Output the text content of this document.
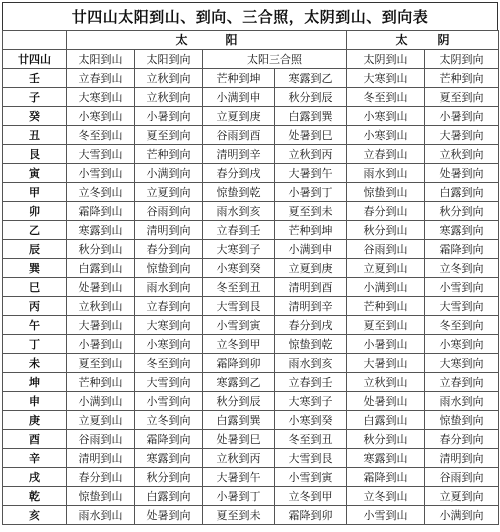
廿四山太阳到山、到向、三合照，太阴到山、到向表
	太 阳				太 阴	
廿四山	太阳到山	太阳到向	太阳三合照		太阴到山	太阴到向
壬	立春到山	立秋到向	芒种到坤	寒露到乙	大寒到山	芒种到向
子	大寒到山	立秋到向	小满到申	秋分到辰	冬至到山	夏至到向
癸	小寒到山	小暑到向	立夏到庚	白露到巽	小寒到山	小暑到向
丑	冬至到山	夏至到向	谷雨到酉	处暑到巳	小寒到山	大暑到向
艮	大雪到山	芒种到向	清明到辛	立秋到丙	立春到山	立秋到向
寅	小雪到山	小满到向	春分到戌	大暑到午	雨水到山	处暑到向
甲	立冬到山	立夏到向	惊蛰到乾	小暑到丁	惊蛰到山	白露到向
卯	霜降到山	谷雨到向	雨水到亥	夏至到未	春分到山	秋分到向
乙	寒露到山	清明到向	立春到壬	芒种到坤	秋分到山	寒露到向
辰	秋分到山	春分到向	大寒到子	小满到申	谷雨到山	霜降到向
巽	白露到山	惊蛰到向	小寒到癸	立夏到庚	立夏到山	立冬到向
巳	处暑到山	雨水到向	冬至到丑	清明到酉	小满到山	小雪到向
丙	立秋到山	立春到向	大雪到艮	清明到辛	芒种到山	大雪到向
午	大暑到山	大寒到向	小雪到寅	春分到戌	夏至到山	冬至到向
丁	小暑到山	小寒到向	立冬到甲	惊蛰到乾	小暑到山	小寒到向
未	夏至到山	冬至到向	霜降到卯	雨水到亥	大暑到山	大寒到向
坤	芒种到山	大雪到向	寒露到乙	立春到壬	立秋到山	立春到向
申	小满到山	小雪到向	秋分到辰	大寒到子	处暑到山	雨水到向
庚	立夏到山	立冬到向	白露到巽	小寒到癸	白露到山	惊蛰到向
酉	谷雨到山	霜降到向	处暑到巳	冬至到丑	秋分到山	春分到向
辛	清明到山	寒露到向	立秋到丙	大雪到艮	寒露到山	清明到向
戌	春分到山	秋分到向	大暑到午	小雪到寅	霜降到山	谷雨到向
乾	惊蛰到山	白露到向	小暑到丁	立冬到甲	立冬到山	立夏到向
亥	雨水到山	处暑到向	夏至到未	霜降到卯	小雪到山	小满到向
